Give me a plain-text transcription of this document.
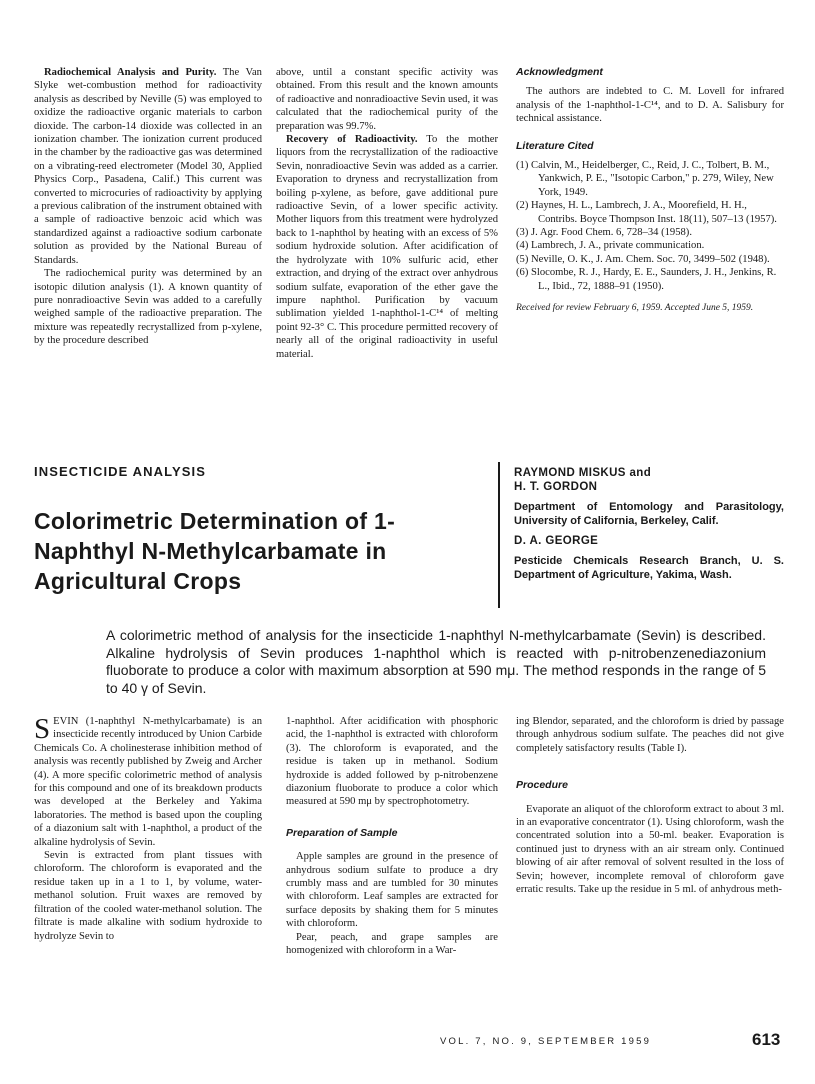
Radiochemical Analysis and Purity. The Van Slyke wet-combustion method for radioactivity analysis as described by Neville (5) was employed to oxidize the radioactive organic materials to carbon dioxide. The carbon-14 dioxide was collected in an ionization chamber. The ionization current produced in the chamber by the radioactive gas was determined on a vibrating-reed electrometer (Model 30, Applied Physics Corp., Pasadena, Calif.) This current was converted to microcuries of radioactivity by applying a previous calibration of the instrument obtained with a sample of radioactive benzoic acid which was standardized against a radioactive sodium carbonate solution as provided by the National Bureau of Standards.

The radiochemical purity was determined by an isotopic dilution analysis (1). A known quantity of pure nonradioactive Sevin was added to a carefully weighed sample of the radioactive preparation. The mixture was repeatedly recrystallized from p-xylene, by the procedure described

above, until a constant specific activity was obtained. From this result and the known amounts of radioactive and nonradioactive Sevin used, it was calculated that the radiochemical purity of the preparation was 99.7%.

Recovery of Radioactivity. To the mother liquors from the recrystallization of the radioactive Sevin, nonradioactive Sevin was added as a carrier. Evaporation to dryness and recrystallization from boiling p-xylene, as before, gave additional pure radioactive Sevin, of a lower specific activity. Mother liquors from this treatment were hydrolyzed back to 1-naphthol by heating with an excess of 5% sodium hydroxide solution. After acidification of the hydrolyzate with 10% sulfuric acid, ether extraction, and drying of the extract over anhydrous sodium sulfate, evaporation of the ether gave the impure naphthol. Purification by vacuum sublimation yielded 1-naphthol-1-C¹⁴ of melting point 92-3° C. This procedure permitted recovery of nearly all of the original radioactivity in useful material.

Acknowledgment

The authors are indebted to C. M. Lovell for infrared analysis of the 1-naphthol-1-C¹⁴, and to D. A. Salisbury for technical assistance.

Literature Cited
(1) Calvin, M., Heidelberger, C., Reid, J. C., Tolbert, B. M., Yankwich, P. E., "Isotopic Carbon," p. 279, Wiley, New York, 1949.
(2) Haynes, H. L., Lambrech, J. A., Moorefield, H. H., Contribs. Boyce Thompson Inst. 18(11), 507–13 (1957).
(3) J. Agr. Food Chem. 6, 728–34 (1958).
(4) Lambrech, J. A., private communication.
(5) Neville, O. K., J. Am. Chem. Soc. 70, 3499–502 (1948).
(6) Slocombe, R. J., Hardy, E. E., Saunders, J. H., Jenkins, R. L., Ibid., 72, 1888–91 (1950).
Received for review February 6, 1959. Accepted June 5, 1959.
INSECTICIDE ANALYSIS
Colorimetric Determination of 1-Naphthyl N-Methylcarbamate in Agricultural Crops
RAYMOND MISKUS and
H. T. GORDON
Department of Entomology and Parasitology, University of California, Berkeley, Calif.
D. A. GEORGE
Pesticide Chemicals Research Branch, U. S. Department of Agriculture, Yakima, Wash.

A colorimetric method of analysis for the insecticide 1-naphthyl N-methylcarbamate (Sevin) is described. Alkaline hydrolysis of Sevin produces 1-naphthol which is reacted with p-nitrobenzenediazonium fluoborate to produce a color with maximum absorption at 590 mμ. The method responds in the range of 5 to 40 γ of Sevin.

SEVIN (1-naphthyl N-methylcarbamate) is an insecticide recently introduced by Union Carbide Chemicals Co. A cholinesterase inhibition method of analysis was recently published by Zweig and Archer (4). A more specific colorimetric method of analysis for this compound and one of its breakdown products was developed at the Berkeley and Yakima laboratories. The method is based upon the coupling of a diazonium salt with 1-naphthol, a product of the alkaline hydrolysis of Sevin.

Sevin is extracted from plant tissues with chloroform. The chloroform is evaporated and the residue taken up in a 1 to 1, by volume, water-methanol solution. Fruit waxes are removed by filtration of the cooled water-methanol solution. The filtrate is made alkaline with sodium hydroxide to hydrolyze Sevin to

1-naphthol. After acidification with phosphoric acid, the 1-naphthol is extracted with chloroform (3). The chloroform is evaporated, and the residue is taken up in methanol. Sodium hydroxide is added followed by p-nitrobenzene diazonium fluoborate to produce a color which measured at 590 mμ by spectrophotometry.

Preparation of Sample

Apple samples are ground in the presence of anhydrous sodium sulfate to produce a dry crumbly mass and are tumbled for 30 minutes with chloroform. Leaf samples are extracted for surface deposits by shaking them for 5 minutes with chloroform.

Pear, peach, and grape samples are homogenized with chloroform in a War-

ing Blendor, separated, and the chloroform is dried by passage through anhydrous sodium sulfate. The peaches did not give completely satisfactory results (Table I).

Procedure

Evaporate an aliquot of the chloroform extract to about 3 ml. in an evaporative concentrator (1). Using chloroform, wash the concentrated solution into a 50-ml. beaker. Evaporation is continued just to dryness with an air stream only. Continued blowing of air after removal of solvent resulted in the loss of Sevin; however, incomplete removal of chloroform gave erratic results. Take up the residue in 5 ml. of anhydrous meth-

VOL. 7, NO. 9, SEPTEMBER 1959	613
